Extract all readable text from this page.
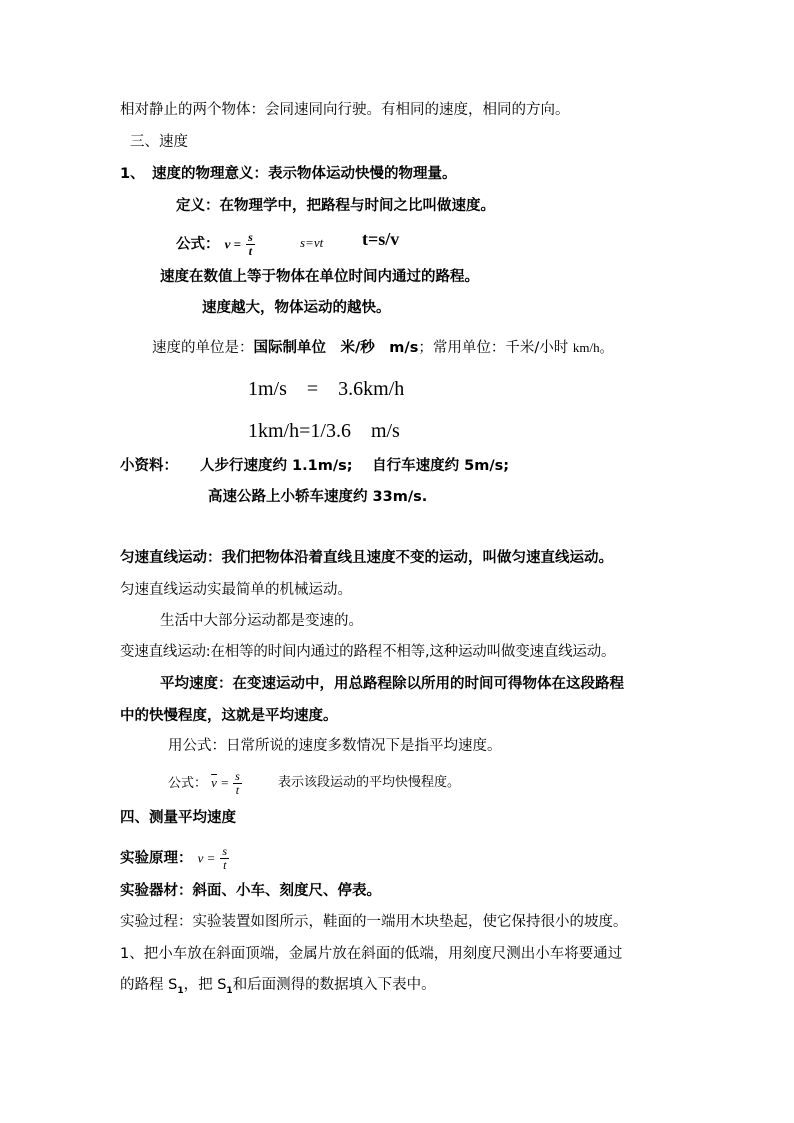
相对静止的两个物体：会同速同向行驶。有相同的速度，相同的方向。
三、速度
1、 速度的物理意义：表示物体运动快慢的物理量。
定义：在物理学中，把路程与时间之比叫做速度。
公式： $v = \frac{s}{t}$	s=vt t=s/v
速度在数值上等于物体在单位时间内通过的路程。
速度越大，物体运动的越快。
速度的单位是：国际制单位　米/秒　m/s；常用单位：千米/小时 km/h。
1m/s　=　3.6km/h
1km/h=1/3.6　m/s
小资料： 人步行速度约 1.1m/s;　 自行车速度约 5m/s;
高速公路上小轿车速度约 33m/s.
匀速直线运动：我们把物体沿着直线且速度不变的运动，叫做匀速直线运动。
匀速直线运动实最简单的机械运动。
生活中大部分运动都是变速的。
变速直线运动:在相等的时间内通过的路程不相等,这种运动叫做变速直线运动。
平均速度：在变速运动中，用总路程除以所用的时间可得物体在这段路程
中的快慢程度，这就是平均速度。
用公式：日常所说的速度多数情况下是指平均速度。
公式： $\overline{v} = \frac{s}{t}$	表示该段运动的平均快慢程度。
四、测量平均速度
实验原理： $v = \frac{s}{t}$
实验器材：斜面、小车、刻度尺、停表。
实验过程：实验装置如图所示，鞋面的一端用木块垫起，使它保持很小的坡度。
1、把小车放在斜面顶端，金属片放在斜面的低端，用刻度尺测出小车将要通过
的路程 $S_1$，把 $S_1$和后面测得的数据填入下表中。
